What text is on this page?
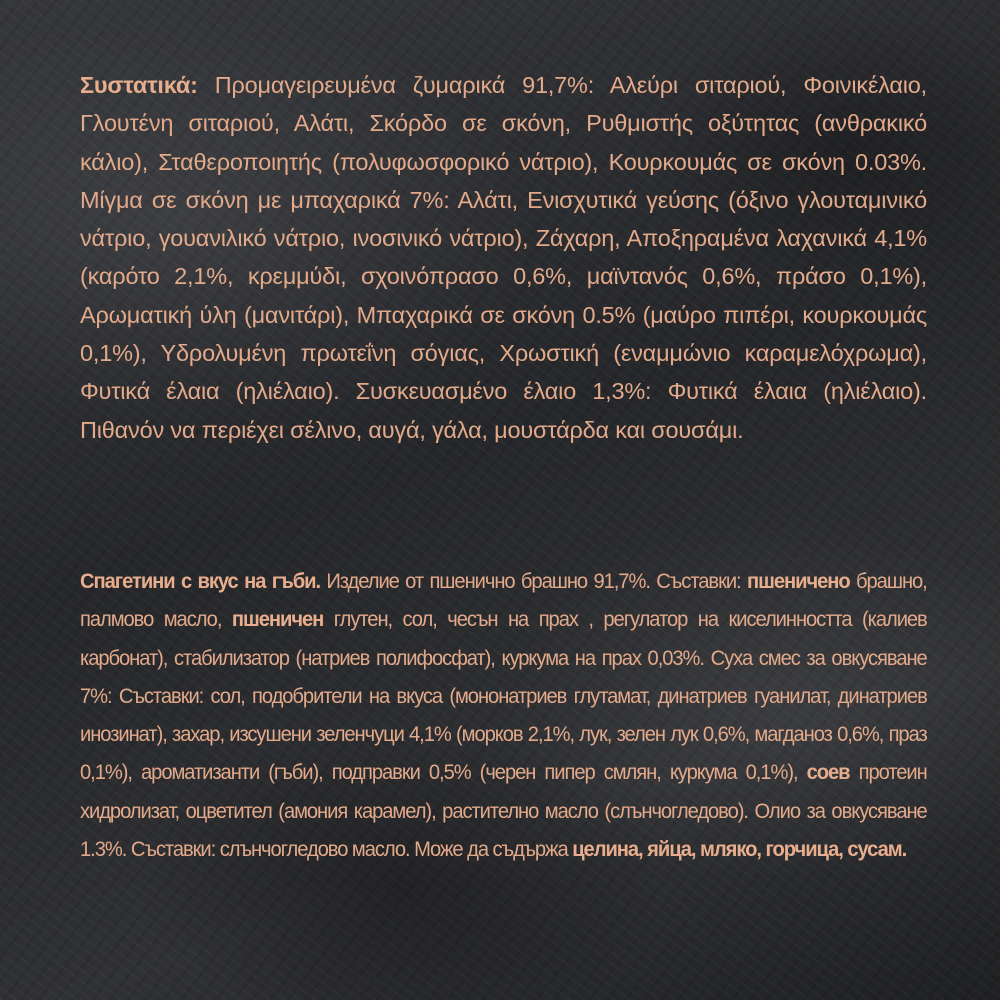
Συστατικά: Προμαγειρευμένα ζυμαρικά 91,7%: Αλεύρι σιταριού, Φοινικέλαιο, Γλουτένη σιταριού, Αλάτι, Σκόρδο σε σκόνη, Ρυθμιστής οξύτητας (ανθρακικό κάλιο), Σταθεροποιητής (πολυφωσφορικό νάτριο), Κουρκουμάς σε σκόνη 0.03%. Μίγμα σε σκόνη με μπαχαρικά 7%: Αλάτι, Ενισχυτικά γεύσης (όξινο γλουταμινικό νάτριο, γουανιλικό νάτριο, ινοσινικό νάτριο), Ζάχαρη, Αποξηραμένα λαχανικά 4,1% (καρότο 2,1%, κρεμμύδι, σχοινόπρασο 0,6%, μαϊντανός 0,6%, πράσο 0,1%), Αρωματική ύλη (μανιτάρι), Μπαχαρικά σε σκόνη 0.5% (μαύρο πιπέρι, κουρκουμάς 0,1%), Υδρολυμένη πρωτεΐνη σόγιας, Χρωστική (εναμμώνιο καραμελόχρωμα), Φυτικά έλαια (ηλιέλαιο). Συσκευασμένο έλαιο 1,3%: Φυτικά έλαια (ηλιέλαιο). Πιθανόν να περιέχει σέλινο, αυγά, γάλα, μουστάρδα και σουσάμι.

Спагетини с вкус на гъби. Изделие от пшенично брашно 91,7%. Съставки: пшеничено брашно, палмово масло, пшеничен глутен, сол, чесън на прах , регулатор на киселинността (калиев карбонат), стабилизатор (натриев полифосфат), куркума на прах 0,03%. Суха смес за овкусяване 7%: Съставки: сол, подобрители на вкуса (мононатриев глутамат, динатриев гуанилат, динатриев инозинат), захар, изсушени зеленчуци 4,1% (морков 2,1%, лук, зелен лук 0,6%, магданоз 0,6%, праз 0,1%), ароматизанти (гъби), подправки 0,5% (черен пипер смлян, куркума 0,1%), соев протеин хидролизат, оцветител (амония карамел), растително масло (слънчогледово). Олио за овкусяване 1.3%. Съставки: слънчогледово масло. Може да съдържа целина, яйца, мляко, горчица, сусам.
